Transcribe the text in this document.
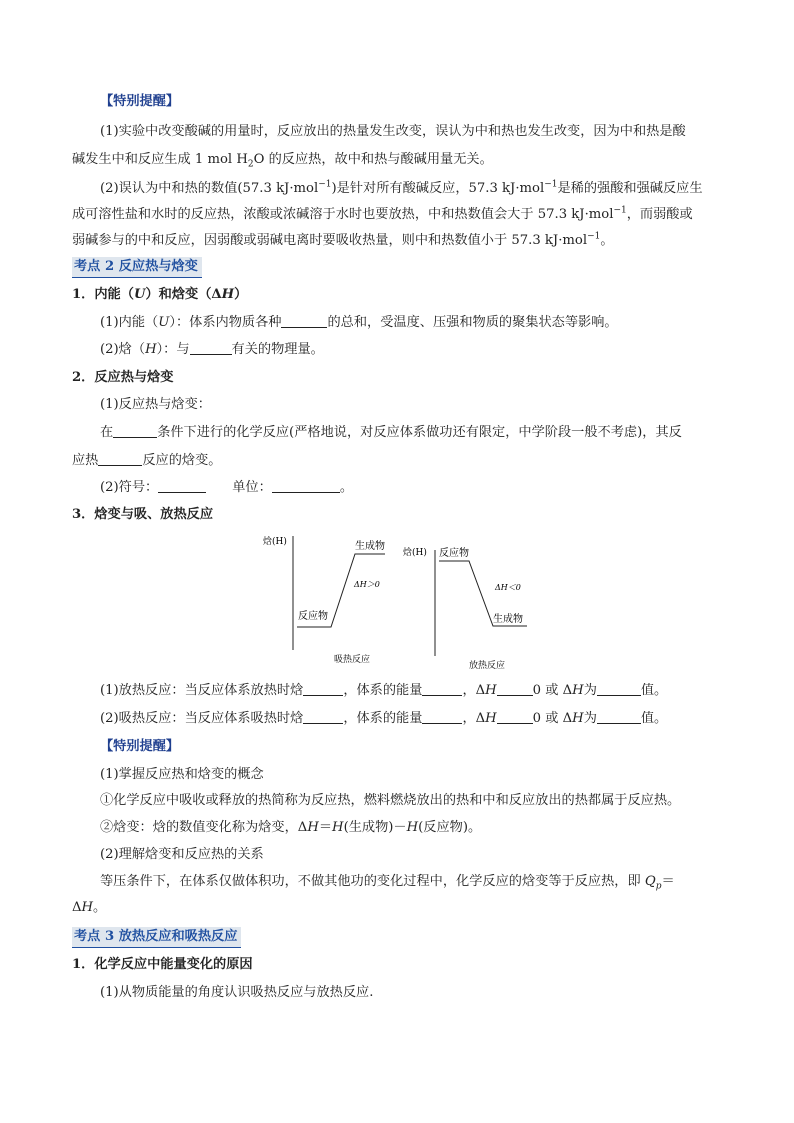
【特别提醒】
(1)实验中改变酸碱的用量时，反应放出的热量发生改变，误认为中和热也发生改变，因为中和热是酸
碱发生中和反应生成 1 mol $H_2O$ 的反应热，故中和热与酸碱用量无关。
(2)误认为中和热的数值(57.3 kJ·mol$^{-1}$)是针对所有酸碱反应，57.3 kJ·mol$^{-1}$是稀的强酸和强碱反应生
成可溶性盐和水时的反应热，浓酸或浓碱溶于水时也要放热，中和热数值会大于 57.3 kJ·mol$^{-1}$，而弱酸或
弱碱参与的中和反应，因弱酸或弱碱电离时要吸收热量，则中和热数值小于 57.3 kJ·mol$^{-1}$。
考点 2 反应热与焓变
1．内能（U）和焓变（ΔH）
(1)内能（U）：体系内物质各种	的总和，受温度、压强和物质的聚集状态等影响。
(2)焓（H）：与	有关的物理量。
2．反应热与焓变
(1)反应热与焓变：
在	条件下进行的化学反应(严格地说，对反应体系做功还有限定，中学阶段一般不考虑)，其反
应热	反应的焓变。
(2)符号：	单位：	。
3．焓变与吸、放热反应
焓(H)	生成物
ΔH＞0
反应物
吸热反应
焓(H) 反应物
ΔH＜0
生成物
放热反应
(1)放热反应：当反应体系放热时焓	，体系的能量	，ΔH	0 或 ΔH为	值。
(2)吸热反应：当反应体系吸热时焓	，体系的能量	，ΔH	0 或 ΔH为	值。
【特别提醒】
(1)掌握反应热和焓变的概念
①化学反应中吸收或释放的热简称为反应热，燃料燃烧放出的热和中和反应放出的热都属于反应热。
②焓变：焓的数值变化称为焓变，ΔH＝H(生成物)－H(反应物)。
(2)理解焓变和反应热的关系
等压条件下，在体系仅做体积功，不做其他功的变化过程中，化学反应的焓变等于反应热，即 $Q_p=$
ΔH。
考点 3 放热反应和吸热反应
1．化学反应中能量变化的原因
(1)从物质能量的角度认识吸热反应与放热反应.
